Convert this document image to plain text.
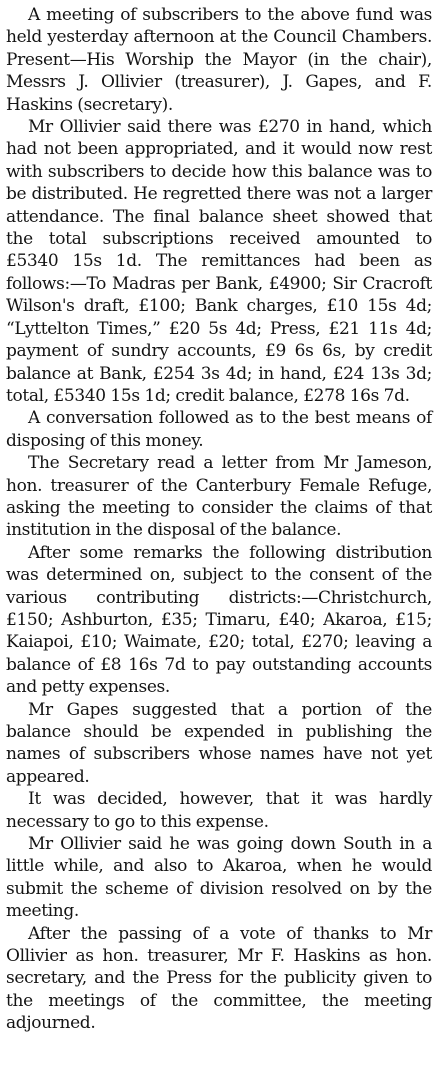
A meeting of subscribers to the above fund was held yesterday afternoon at the Council Chambers. Present—His Worship the Mayor (in the chair), Messrs J. Ollivier (treasurer), J. Gapes, and F. Haskins (secretary).

Mr Ollivier said there was £270 in hand, which had not been appropriated, and it would now rest with subscribers to decide how this balance was to be distributed. He regretted there was not a larger attendance. The final balance sheet showed that the total subscriptions received amounted to £5340 15s 1d. The remittances had been as follows:—To Madras per Bank, £4900; Sir Cracroft Wilson's draft, £100; Bank charges, £10 15s 4d; “Lyttelton Times,” £20 5s 4d; Press, £21 11s 4d; payment of sundry accounts, £9 6s 6s, by credit balance at Bank, £254 3s 4d; in hand, £24 13s 3d; total, £5340 15s 1d; credit balance, £278 16s 7d.

A conversation followed as to the best means of disposing of this money.

The Secretary read a letter from Mr Jameson, hon. treasurer of the Canterbury Female Refuge, asking the meeting to consider the claims of that institution in the disposal of the balance.

After some remarks the following distribution was determined on, subject to the consent of the various contributing districts:—Christchurch, £150; Ashburton, £35; Timaru, £40; Akaroa, £15; Kaiapoi, £10; Waimate, £20; total, £270; leaving a balance of £8 16s 7d to pay outstanding accounts and petty expenses.

Mr Gapes suggested that a portion of the balance should be expended in publishing the names of subscribers whose names have not yet appeared.

It was decided, however, that it was hardly necessary to go to this expense.

Mr Ollivier said he was going down South in a little while, and also to Akaroa, when he would submit the scheme of division resolved on by the meeting.

After the passing of a vote of thanks to Mr Ollivier as hon. treasurer, Mr F. Haskins as hon. secretary, and the Press for the publicity given to the meetings of the committee, the meeting adjourned.
